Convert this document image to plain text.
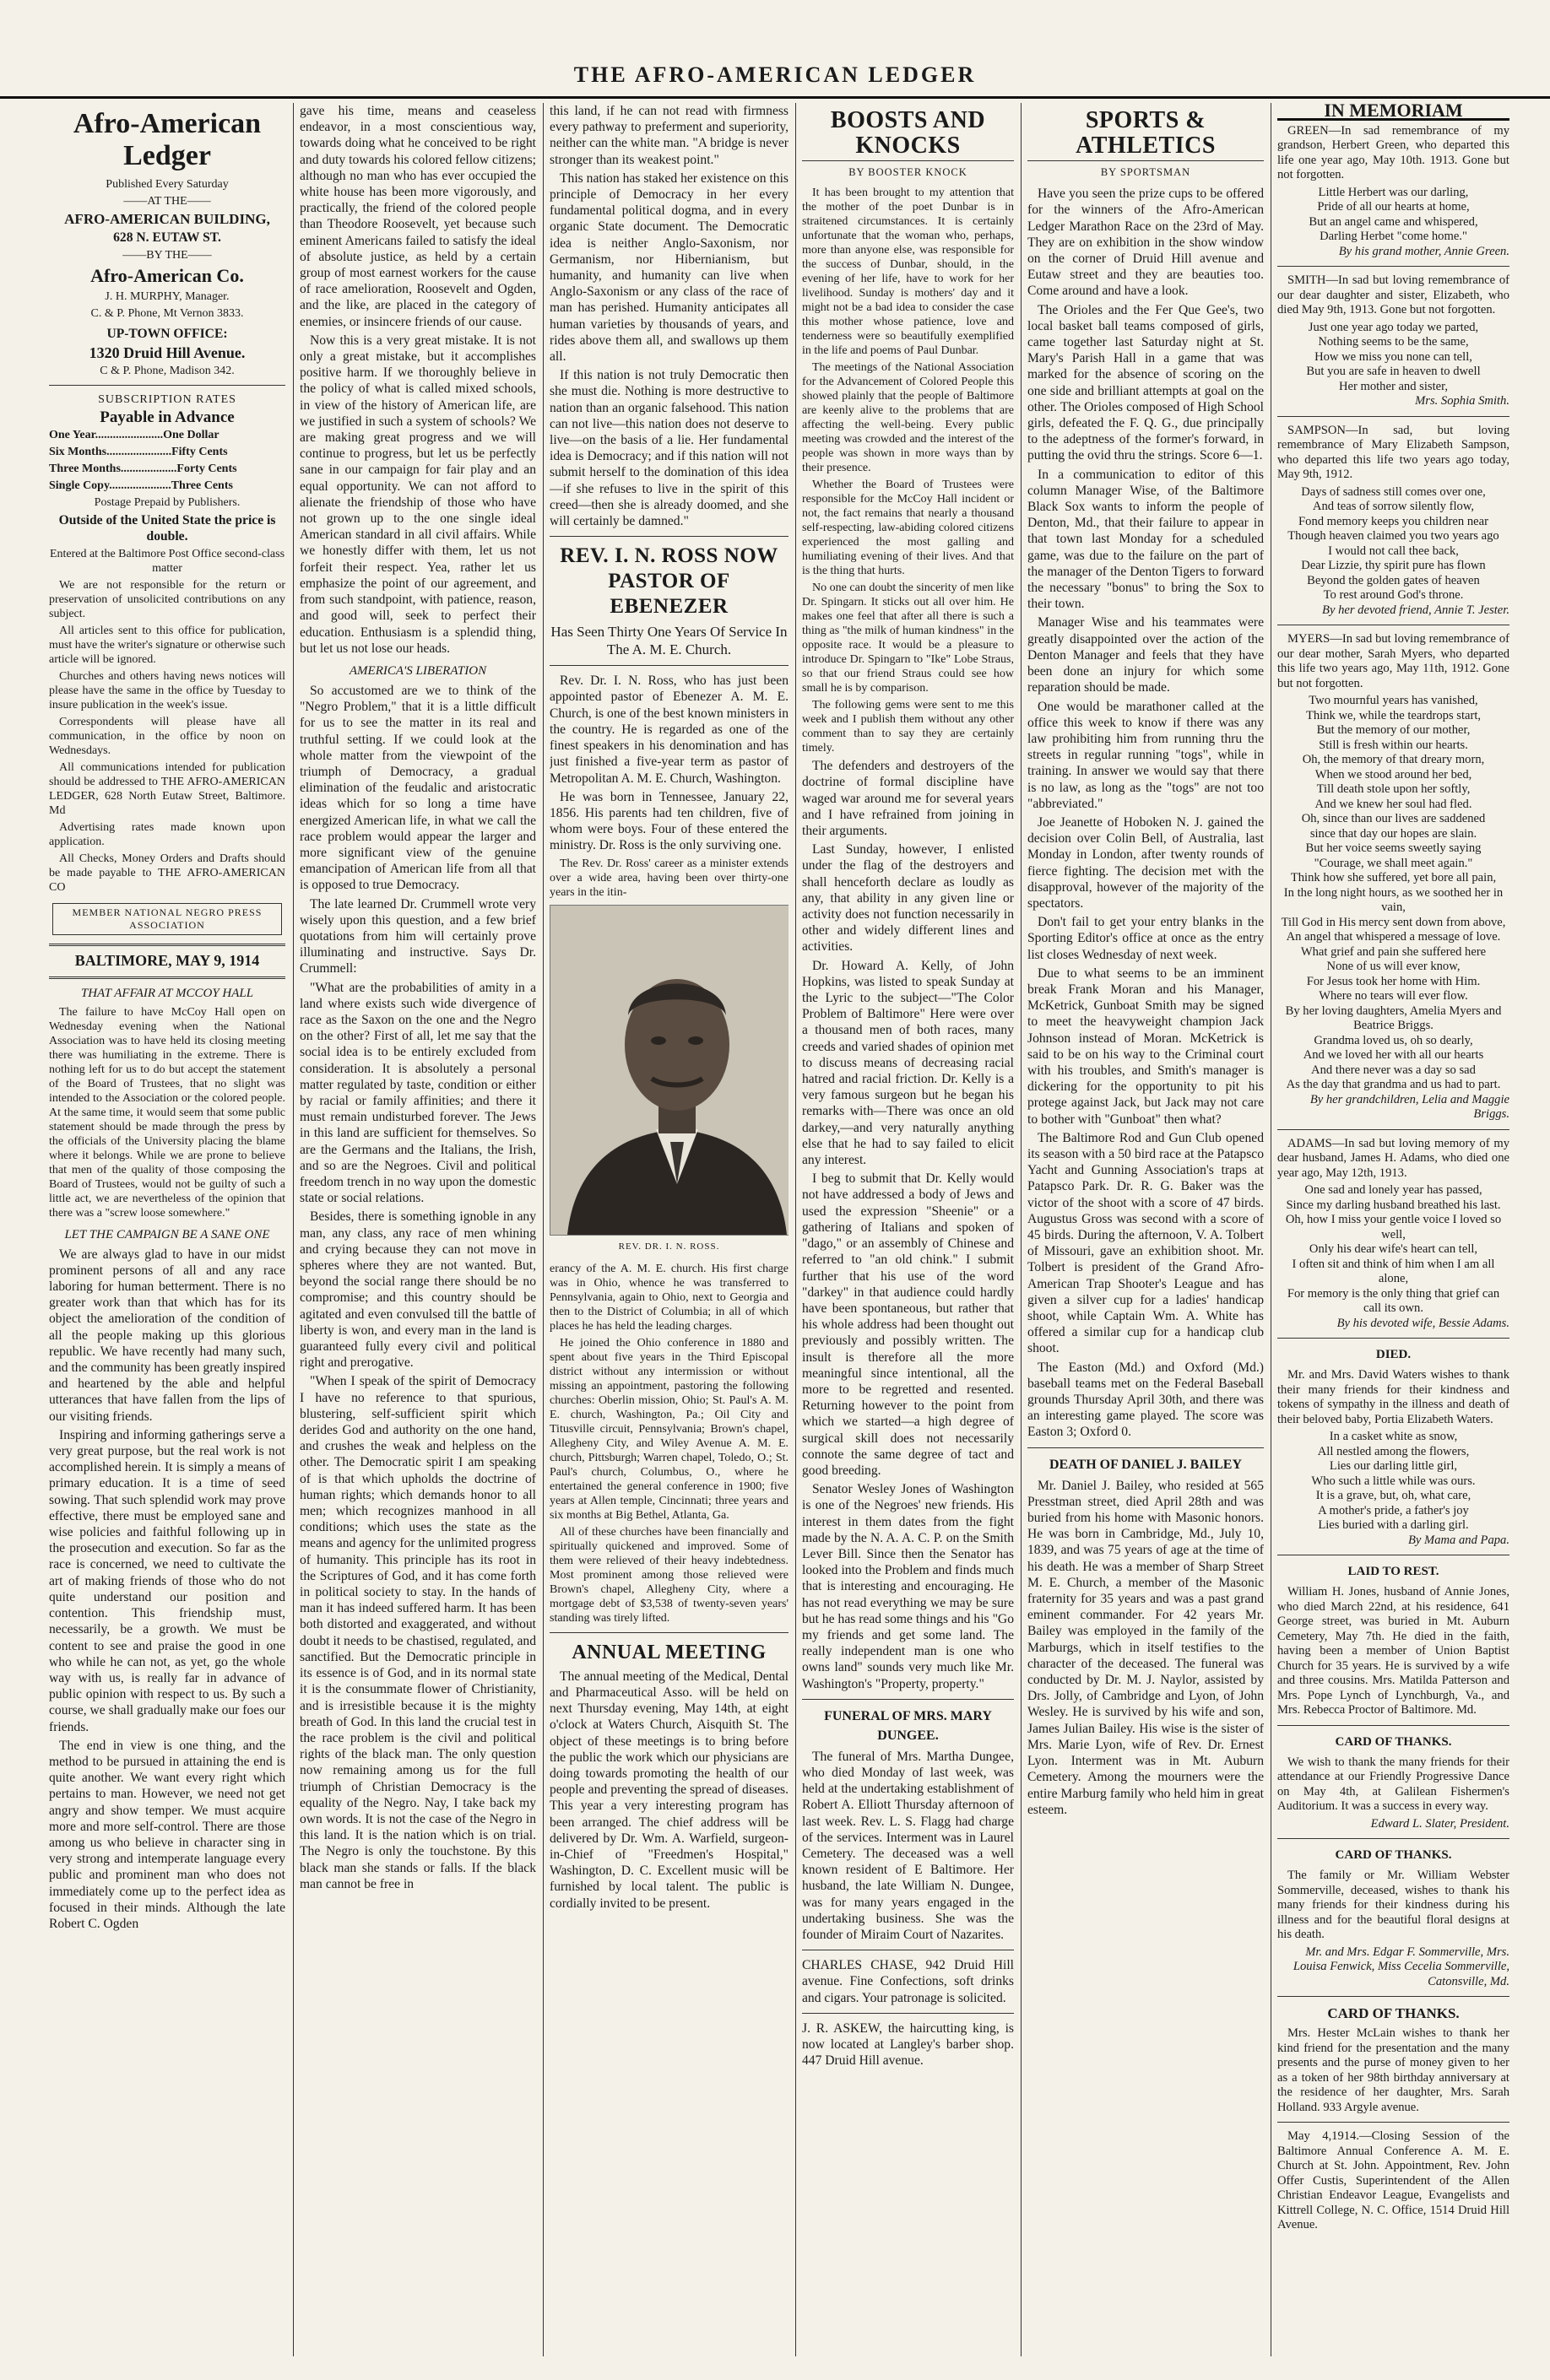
THE AFRO-AMERICAN LEDGER
Afro-American Ledger

Published Every Saturday

——AT THE——

AFRO-AMERICAN BUILDING,

628 N. EUTAW ST.

——BY THE——

Afro-American Co.

J. H. MURPHY, Manager.

C. & P. Phone, Mt Vernon 3833.

UP-TOWN OFFICE:

1320 Druid Hill Avenue.

C & P. Phone, Madison 342.

SUBSCRIPTION RATES

Payable in Advance

One Year.......................One Dollar

Six Months......................Fifty Cents

Three Months...................Forty Cents

Single Copy.....................Three Cents

Postage Prepaid by Publishers.

Outside of the United State the price is double.

Entered at the Baltimore Post Office second-class matter

We are not responsible for the return or preservation of unsolicited contributions on any subject.

All articles sent to this office for publication, must have the writer's signature or otherwise such article will be ignored.

Churches and others having news notices will please have the same in the office by Tuesday to insure publication in the week's issue.

Correspondents will please have all communication, in the office by noon on Wednesdays.

All communications intended for publication should be addressed to THE AFRO-AMERICAN LEDGER, 628 North Eutaw Street, Baltimore. Md

Advertising rates made known upon application.

All Checks, Money Orders and Drafts should be made payable to THE AFRO-AMERICAN CO

MEMBER NATIONAL NEGRO PRESS ASSOCIATION
BALTIMORE, MAY 9, 1914
THAT AFFAIR AT MCCOY HALL

The failure to have McCoy Hall open on Wednesday evening when the National Association was to have held its closing meeting there was humiliating in the extreme. There is nothing left for us to do but accept the statement of the Board of Trustees, that no slight was intended to the Association or the colored people. At the same time, it would seem that some public statement should be made through the press by the officials of the University placing the blame where it belongs. While we are prone to believe that men of the quality of those composing the Board of Trustees, would not be guilty of such a little act, we are nevertheless of the opinion that there was a "screw loose somewhere."

LET THE CAMPAIGN BE A SANE ONE

We are always glad to have in our midst prominent persons of all and any race laboring for human betterment. There is no greater work than that which has for its object the amelioration of the condition of all the people making up this glorious republic. We have recently had many such, and the community has been greatly inspired and heartened by the able and helpful utterances that have fallen from the lips of our visiting friends.

Inspiring and informing gatherings serve a very great purpose, but the real work is not accomplished herein. It is simply a means of primary education. It is a time of seed sowing. That such splendid work may prove effective, there must be employed sane and wise policies and faithful following up in the prosecution and execution. So far as the race is concerned, we need to cultivate the art of making friends of those who do not quite understand our position and contention. This friendship must, necessarily, be a growth. We must be content to see and praise the good in one who while he can not, as yet, go the whole way with us, is really far in advance of public opinion with respect to us. By such a course, we shall gradually make our foes our friends.

The end in view is one thing, and the method to be pursued in attaining the end is quite another. We want every right which pertains to man. However, we need not get angry and show temper. We must acquire more and more self-control. There are those among us who believe in character sing in very strong and intemperate language every public and prominent man who does not immediately come up to the perfect idea as focused in their minds. Although the late Robert C. Ogden

gave his time, means and ceaseless endeavor, in a most conscientious way, towards doing what he conceived to be right and duty towards his colored fellow citizens; although no man who has ever occupied the white house has been more vigorously, and practically, the friend of the colored people than Theodore Roosevelt, yet because such eminent Americans failed to satisfy the ideal of absolute justice, as held by a certain group of most earnest workers for the cause of race amelioration, Roosevelt and Ogden, and the like, are placed in the category of enemies, or insincere friends of our cause.

Now this is a very great mistake. It is not only a great mistake, but it accomplishes positive harm. If we thoroughly believe in the policy of what is called mixed schools, in view of the history of American life, are we justified in such a system of schools? We are making great progress and we will continue to progress, but let us be perfectly sane in our campaign for fair play and an equal opportunity. We can not afford to alienate the friendship of those who have not grown up to the one single ideal American standard in all civil affairs. While we honestly differ with them, let us not forfeit their respect. Yea, rather let us emphasize the point of our agreement, and from such standpoint, with patience, reason, and good will, seek to perfect their education. Enthusiasm is a splendid thing, but let us not lose our heads.

AMERICA'S LIBERATION

So accustomed are we to think of the "Negro Problem," that it is a little difficult for us to see the matter in its real and truthful setting. If we could look at the whole matter from the viewpoint of the triumph of Democracy, a gradual elimination of the feudalic and aristocratic ideas which for so long a time have energized American life, in what we call the race problem would appear the larger and more significant view of the genuine emancipation of American life from all that is opposed to true Democracy.

The late learned Dr. Crummell wrote very wisely upon this question, and a few brief quotations from him will certainly prove illuminating and instructive. Says Dr. Crummell:

"What are the probabilities of amity in a land where exists such wide divergence of race as the Saxon on the one and the Negro on the other? First of all, let me say that the social idea is to be entirely excluded from consideration. It is absolutely a personal matter regulated by taste, condition or either by racial or family affinities; and there it must remain undisturbed forever. The Jews in this land are sufficient for themselves. So are the Germans and the Italians, the Irish, and so are the Negroes. Civil and political freedom trench in no way upon the domestic state or social relations.

Besides, there is something ignoble in any man, any class, any race of men whining and crying because they can not move in spheres where they are not wanted. But, beyond the social range there should be no compromise; and this country should be agitated and even convulsed till the battle of liberty is won, and every man in the land is guaranteed fully every civil and political right and prerogative.

"When I speak of the spirit of Democracy I have no reference to that spurious, blustering, self-sufficient spirit which derides God and authority on the one hand, and crushes the weak and helpless on the other. The Democratic spirit I am speaking of is that which upholds the doctrine of human rights; which demands honor to all men; which recognizes manhood in all conditions; which uses the state as the means and agency for the unlimited progress of humanity. This principle has its root in the Scriptures of God, and it has come forth in political society to stay. In the hands of man it has indeed suffered harm. It has been both distorted and exaggerated, and without doubt it needs to be chastised, regulated, and sanctified. But the Democratic principle in its essence is of God, and in its normal state it is the consummate flower of Christianity, and is irresistible because it is the mighty breath of God. In this land the crucial test in the race problem is the civil and political rights of the black man. The only question now remaining among us for the full triumph of Christian Democracy is the equality of the Negro. Nay, I take back my own words. It is not the case of the Negro in this land. It is the nation which is on trial. The Negro is only the touchstone. By this black man she stands or falls. If the black man cannot be free in

this land, if he can not read with firmness every pathway to preferment and superiority, neither can the white man. "A bridge is never stronger than its weakest point."

This nation has staked her existence on this principle of Democracy in her every fundamental political dogma, and in every organic State document. The Democratic idea is neither Anglo-Saxonism, nor Germanism, nor Hibernianism, but humanity, and humanity can live when Anglo-Saxonism or any class of the race of man has perished. Humanity anticipates all human varieties by thousands of years, and rides above them all, and swallows up them all.

If this nation is not truly Democratic then she must die. Nothing is more destructive to nation than an organic falsehood. This nation can not live—this nation does not deserve to live—on the basis of a lie. Her fundamental idea is Democracy; and if this nation will not submit herself to the domination of this idea—if she refuses to live in the spirit of this creed—then she is already doomed, and she will certainly be damned."

REV. I. N. ROSS NOW PASTOR OF EBENEZER

Has Seen Thirty One Years Of Service In The A. M. E. Church.

Rev. Dr. I. N. Ross, who has just been appointed pastor of Ebenezer A. M. E. Church, is one of the best known ministers in the country. He is regarded as one of the finest speakers in his denomination and has just finished a five-year term as pastor of Metropolitan A. M. E. Church, Washington.

He was born in Tennessee, January 22, 1856. His parents had ten children, five of whom were boys. Four of these entered the ministry. Dr. Ross is the only surviving one.

The Rev. Dr. Ross' career as a minister extends over a wide area, having been over thirty-one years in the itin-

REV. DR. I. N. ROSS.

erancy of the A. M. E. church. His first charge was in Ohio, whence he was transferred to Pennsylvania, again to Ohio, next to Georgia and then to the District of Columbia; in all of which places he has held the leading charges.

He joined the Ohio conference in 1880 and spent about five years in the Third Episcopal district without any intermission or without missing an appointment, pastoring the following churches: Oberlin mission, Ohio; St. Paul's A. M. E. church, Washington, Pa.; Oil City and Titusville circuit, Pennsylvania; Brown's chapel, Allegheny City, and Wiley Avenue A. M. E. church, Pittsburgh; Warren chapel, Toledo, O.; St. Paul's church, Columbus, O., where he entertained the general conference in 1900; five years at Allen temple, Cincinnati; three years and six months at Big Bethel, Atlanta, Ga.

All of these churches have been financially and spiritually quickened and improved. Some of them were relieved of their heavy indebtedness. Most prominent among those relieved were Brown's chapel, Allegheny City, where a mortgage debt of $3,538 of twenty-seven years' standing was tirely lifted.

ANNUAL MEETING

The annual meeting of the Medical, Dental and Pharmaceutical Asso. will be held on next Thursday evening, May 14th, at eight o'clock at Waters Church, Aisquith St. The object of these meetings is to bring before the public the work which our physicians are doing towards promoting the health of our people and preventing the spread of diseases. This year a very interesting program has been arranged. The chief address will be delivered by Dr. Wm. A. Warfield, surgeon-in-Chief of "Freedmen's Hospital," Washington, D. C. Excellent music will be furnished by local talent. The public is cordially invited to be present.

BOOSTS AND KNOCKS
BY BOOSTER KNOCK

It has been brought to my attention that the mother of the poet Dunbar is in straitened circumstances. It is certainly unfortunate that the woman who, perhaps, more than anyone else, was responsible for the success of Dunbar, should, in the evening of her life, have to work for her livelihood. Sunday is mothers' day and it might not be a bad idea to consider the case this mother whose patience, love and tenderness were so beautifully exemplified in the life and poems of Paul Dunbar.

The meetings of the National Association for the Advancement of Colored People this showed plainly that the people of Baltimore are keenly alive to the problems that are affecting the well-being. Every public meeting was crowded and the interest of the people was shown in more ways than by their presence.

Whether the Board of Trustees were responsible for the McCoy Hall incident or not, the fact remains that nearly a thousand self-respecting, law-abiding colored citizens experienced the most galling and humiliating evening of their lives. And that is the thing that hurts.

No one can doubt the sincerity of men like Dr. Spingarn. It sticks out all over him. He makes one feel that after all there is such a thing as "the milk of human kindness" in the opposite race. It would be a pleasure to introduce Dr. Spingarn to "Ike" Lobe Straus, so that our friend Straus could see how small he is by comparison.

The following gems were sent to me this week and I publish them without any other comment than to say they are certainly timely.

The defenders and destroyers of the doctrine of formal discipline have waged war around me for several years and I have refrained from joining in their arguments.

Last Sunday, however, I enlisted under the flag of the destroyers and shall henceforth declare as loudly as any, that ability in any given line or activity does not function necessarily in other and widely different lines and activities.

Dr. Howard A. Kelly, of John Hopkins, was listed to speak Sunday at the Lyric to the subject—"The Color Problem of Baltimore" Here were over a thousand men of both races, many creeds and varied shades of opinion met to discuss means of decreasing racial hatred and racial friction. Dr. Kelly is a very famous surgeon but he began his remarks with—There was once an old darkey,—and very naturally anything else that he had to say failed to elicit any interest.

I beg to submit that Dr. Kelly would not have addressed a body of Jews and used the expression "Sheenie" or a gathering of Italians and spoken of "dago," or an assembly of Chinese and referred to "an old chink." I submit further that his use of the word "darkey" in that audience could hardly have been spontaneous, but rather that his whole address had been thought out previously and possibly written. The insult is therefore all the more meaningful since intentional, all the more to be regretted and resented. Returning however to the point from which we started—a high degree of surgical skill does not necessarily connote the same degree of tact and good breeding.

Senator Wesley Jones of Washington is one of the Negroes' new friends. His interest in them dates from the fight made by the N. A. A. C. P. on the Smith Lever Bill. Since then the Senator has looked into the Problem and finds much that is interesting and encouraging. He has not read everything we may be sure but he has read some things and his "Go my friends and get some land. The really independent man is one who owns land" sounds very much like Mr. Washington's "Property, property."

FUNERAL OF MRS. MARY DUNGEE.

The funeral of Mrs. Martha Dungee, who died Monday of last week, was held at the undertaking establishment of Robert A. Elliott Thursday afternoon of last week. Rev. L. S. Flagg had charge of the services. Interment was in Laurel Cemetery. The deceased was a well known resident of E Baltimore. Her husband, the late William N. Dungee, was for many years engaged in the undertaking business. She was the founder of Miraim Court of Nazarites.

CHARLES CHASE, 942 Druid Hill avenue. Fine Confections, soft drinks and cigars. Your patronage is solicited.

J. R. ASKEW, the haircutting king, is now located at Langley's barber shop. 447 Druid Hill avenue.

SPORTS & ATHLETICS
BY SPORTSMAN

Have you seen the prize cups to be offered for the winners of the Afro-American Ledger Marathon Race on the 23rd of May. They are on exhibition in the show window on the corner of Druid Hill avenue and Eutaw street and they are beauties too. Come around and have a look.

The Orioles and the Fer Que Gee's, two local basket ball teams composed of girls, came together last Saturday night at St. Mary's Parish Hall in a game that was marked for the absence of scoring on the one side and brilliant attempts at goal on the other. The Orioles composed of High School girls, defeated the F. Q. G., due principally to the adeptness of the former's forward, in putting the ovid thru the strings. Score 6—1.

In a communication to editor of this column Manager Wise, of the Baltimore Black Sox wants to inform the people of Denton, Md., that their failure to appear in that town last Monday for a scheduled game, was due to the failure on the part of the manager of the Denton Tigers to forward the necessary "bonus" to bring the Sox to their town.

Manager Wise and his teammates were greatly disappointed over the action of the Denton Manager and feels that they have been done an injury for which some reparation should be made.

One would be marathoner called at the office this week to know if there was any law prohibiting him from running thru the streets in regular running "togs", while in training. In answer we would say that there is no law, as long as the "togs" are not too "abbreviated."

Joe Jeanette of Hoboken N. J. gained the decision over Colin Bell, of Australia, last Monday in London, after twenty rounds of fierce fighting. The decision met with the disapproval, however of the majority of the spectators.

Don't fail to get your entry blanks in the Sporting Editor's office at once as the entry list closes Wednesday of next week.

Due to what seems to be an imminent break Frank Moran and his Manager, McKetrick, Gunboat Smith may be signed to meet the heavyweight champion Jack Johnson instead of Moran. McKetrick is said to be on his way to the Criminal court with his troubles, and Smith's manager is dickering for the opportunity to pit his protege against Jack, but Jack may not care to bother with "Gunboat" then what?

The Baltimore Rod and Gun Club opened its season with a 50 bird race at the Patapsco Yacht and Gunning Association's traps at Patapsco Park. Dr. R. G. Baker was the victor of the shoot with a score of 47 birds. Augustus Gross was second with a score of 45 birds. During the afternoon, V. A. Tolbert of Missouri, gave an exhibition shoot. Mr. Tolbert is president of the Grand Afro-American Trap Shooter's League and has given a silver cup for a ladies' handicap shoot, while Captain Wm. A. White has offered a similar cup for a handicap club shoot.

The Easton (Md.) and Oxford (Md.) baseball teams met on the Federal Baseball grounds Thursday April 30th, and there was an interesting game played. The score was Easton 3; Oxford 0.

DEATH OF DANIEL J. BAILEY

Mr. Daniel J. Bailey, who resided at 565 Presstman street, died April 28th and was buried from his home with Masonic honors. He was born in Cambridge, Md., July 10, 1839, and was 75 years of age at the time of his death. He was a member of Sharp Street M. E. Church, a member of the Masonic fraternity for 35 years and was a past grand eminent commander. For 42 years Mr. Bailey was employed in the family of the Marburgs, which in itself testifies to the character of the deceased. The funeral was conducted by Dr. M. J. Naylor, assisted by Drs. Jolly, of Cambridge and Lyon, of John Wesley. He is survived by his wife and son, James Julian Bailey. His wise is the sister of Mrs. Marie Lyon, wife of Rev. Dr. Ernest Lyon. Interment was in Mt. Auburn Cemetery. Among the mourners were the entire Marburg family who held him in great esteem.

IN MEMORIAM

GREEN—In sad remembrance of my grandson, Herbert Green, who departed this life one year ago, May 10th. 1913. Gone but not forgotten.

Little Herbert was our darling,

Pride of all our hearts at home,

But an angel came and whispered,

Darling Herbet "come home."

By his grand mother, Annie Green.

SMITH—In sad but loving remembrance of our dear daughter and sister, Elizabeth, who died May 9th, 1913. Gone but not forgotten.

Just one year ago today we parted,

Nothing seems to be the same,

How we miss you none can tell,

But you are safe in heaven to dwell

Her mother and sister,

Mrs. Sophia Smith.

SAMPSON—In sad, but loving remembrance of Mary Elizabeth Sampson, who departed this life two years ago today, May 9th, 1912.

Days of sadness still comes over one,

And teas of sorrow silently flow,

Fond memory keeps you children near

Though heaven claimed you two years ago

I would not call thee back,

Dear Lizzie, thy spirit pure has flown

Beyond the golden gates of heaven

To rest around God's throne.

By her devoted friend, Annie T. Jester.

MYERS—In sad but loving remembrance of our dear mother, Sarah Myers, who departed this life two years ago, May 11th, 1912. Gone but not forgotten.

Two mournful years has vanished,

Think we, while the teardrops start,

But the memory of our mother,

Still is fresh within our hearts.

Oh, the memory of that dreary morn,

When we stood around her bed,

Till death stole upon her softly,

And we knew her soul had fled.

Oh, since than our lives are saddened

since that day our hopes are slain.

But her voice seems sweetly saying

"Courage, we shall meet again."

Think how she suffered, yet bore all pain,

In the long night hours, as we soothed her in vain,

Till God in His mercy sent down from above,

An angel that whispered a message of love.

What grief and pain she suffered here

None of us will ever know,

For Jesus took her home with Him.

Where no tears will ever flow.

By her loving daughters, Amelia Myers and Beatrice Briggs.

Grandma loved us, oh so dearly,

And we loved her with all our hearts

And there never was a day so sad

As the day that grandma and us had to part.

By her grandchildren, Lelia and Maggie Briggs.

ADAMS—In sad but loving memory of my dear husband, James H. Adams, who died one year ago, May 12th, 1913.

One sad and lonely year has passed,

Since my darling husband breathed his last.

Oh, how I miss your gentle voice I loved so well,

Only his dear wife's heart can tell,

I often sit and think of him when I am all alone,

For memory is the only thing that grief can call its own.

By his devoted wife, Bessie Adams.

DIED.

Mr. and Mrs. David Waters wishes to thank their many friends for their kindness and tokens of sympathy in the illness and death of their beloved baby, Portia Elizabeth Waters.

In a casket white as snow,

All nestled among the flowers,

Lies our darling little girl,

Who such a little while was ours.

It is a grave, but, oh, what care,

A mother's pride, a father's joy

Lies buried with a darling girl.

By Mama and Papa.

LAID TO REST.

William H. Jones, husband of Annie Jones, who died March 22nd, at his residence, 641 George street, was buried in Mt. Auburn Cemetery, May 7th. He died in the faith, having been a member of Union Baptist Church for 35 years. He is survived by a wife and three cousins. Mrs. Matilda Patterson and Mrs. Pope Lynch of Lynchburgh, Va., and Mrs. Rebecca Proctor of Baltimore. Md.

CARD OF THANKS.

We wish to thank the many friends for their attendance at our Friendly Progressive Dance on May 4th, at Galilean Fishermen's Auditorium. It was a success in every way.

Edward L. Slater, President.

CARD OF THANKS.

The family or Mr. William Webster Sommerville, deceased, wishes to thank his many friends for their kindness during his illness and for the beautiful floral designs at his death.

Mr. and Mrs. Edgar F. Sommerville, Mrs. Louisa Fenwick, Miss Cecelia Sommerville, Catonsville, Md.

CARD OF THANKS.

Mrs. Hester McLain wishes to thank her kind friend for the presentation and the many presents and the purse of money given to her as a token of her 98th birthday anniversary at the residence of her daughter, Mrs. Sarah Holland. 933 Argyle avenue.

May 4,1914.—Closing Session of the Baltimore Annual Conference A. M. E. Church at St. John. Appointment, Rev. John Offer Custis, Superintendent of the Allen Christian Endeavor League, Evangelists and Kittrell College, N. C. Office, 1514 Druid Hill Avenue.
